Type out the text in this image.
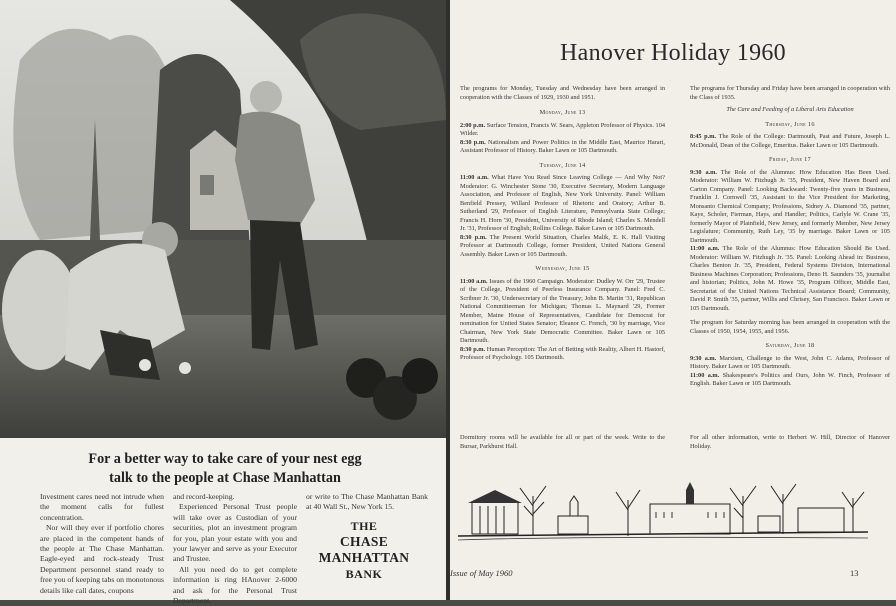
For a better way to take care of your nest egg
talk to the people at Chase Manhattan

Investment cares need not intrude when the moment calls for fullest concentration.

Nor will they ever if portfolio chores are placed in the competent hands of the people at The Chase Manhattan. Eagle-eyed and rock-steady Trust Department personnel stand ready to free you of keeping tabs on monotonous details like call dates, coupons

and record-keeping.

Experienced Personal Trust people will take over as Custodian of your securities, plot an investment program for you, plan your estate with you and your lawyer and serve as your Executor and Trustee.

All you need do to get complete information is ring HAnover 2-6000 and ask for the Personal Trust Department,

or write to The Chase Manhattan Bank at 40 Wall St., New York 15.

THE
CHASE MANHATTAN
BANK
Hanover Holiday 1960

The programs for Monday, Tuesday and Wednesday have been arranged in cooperation with the Classes of 1929, 1930 and 1951.

Monday, June 13

2:00 p.m. Surface Tension, Francis W. Sears, Appleton Professor of Physics. 104 Wilder.

8:30 p.m. Nationalism and Power Politics in the Middle East, Maurice Harari, Assistant Professor of History. Baker Lawn or 105 Dartmouth.

Tuesday, June 14

11:00 a.m. What Have You Read Since Leaving College — And Why Not? Moderator: G. Winchester Stone '30, Executive Secretary, Modern Language Association, and Professor of English, New York University. Panel: William Benfield Pressey, Willard Professor of Rhetoric and Oratory; Arthur B. Sutherland '29, Professor of English Literature, Pennsylvania State College; Francis H. Horn '30, President, University of Rhode Island; Charles S. Mendell Jr. '31, Professor of English; Rollins College. Baker Lawn or 105 Dartmouth.

8:30 p.m. The Present World Situation, Charles Malik, E. K. Hall Visiting Professor at Dartmouth College, former President, United Nations General Assembly. Baker Lawn or 105 Dartmouth.

Wednesday, June 15

11:00 a.m. Issues of the 1960 Campaign. Moderator: Dudley W. Orr '29, Trustee of the College, President of Peerless Insurance Company. Panel: Fred C. Scribner Jr. '30, Undersecretary of the Treasury; John B. Martin '31, Republican National Committeeman for Michigan; Thomas L. Maynard '29, Former Member, Maine House of Representatives, Candidate for Democrat for nomination for United States Senator; Eleanor C. French, '30 by marriage, Vice Chairman, New York State Democratic Committee. Baker Lawn or 105 Dartmouth.

8:30 p.m. Human Perception: The Art of Betting with Reality, Albert H. Hastorf, Professor of Psychology. 105 Dartmouth.

The programs for Thursday and Friday have been arranged in cooperation with the Class of 1935.

The Care and Feeding of a Liberal Arts Education

Thursday, June 16

8:45 p.m. The Role of the College: Dartmouth, Past and Future, Joseph L. McDonald, Dean of the College, Emeritus. Baker Lawn or 105 Dartmouth.

Friday, June 17

9:30 a.m. The Role of the Alumnus: How Education Has Been Used. Moderator: William W. Fitzhugh Jr. '35, President, New Haven Board and Carton Company. Panel: Looking Backward: Twenty-five years in Business, Franklin J. Cornwell '35, Assistant to the Vice President for Marketing, Monsanto Chemical Company; Professions, Sidney A. Diamond '35, partner, Kaye, Scholer, Fierman, Hays, and Handler; Politics, Carlyle W. Crane '35, formerly Mayor of Plainfield, New Jersey, and formerly Member, New Jersey Legislature; Community, Ruth Ley, '35 by marriage. Baker Lawn or 105 Dartmouth.

11:00 a.m. The Role of the Alumnus: How Education Should Be Used. Moderator: William W. Fitzhugh Jr. '35. Panel: Looking Ahead in: Business, Charles Benton Jr. '35, President, Federal Systems Division, International Business Machines Corporation; Professions, Deno H. Saunders '35, journalist and historian; Politics, John M. Howe '35, Program Officer, Middle East, Secretariat of the United Nations Technical Assistance Board; Community, David P. Smith '35, partner, Willis and Chrisey, San Francisco. Baker Lawn or 105 Dartmouth.

The program for Saturday morning has been arranged in cooperation with the Classes of 1950, 1954, 1955, and 1956.

Saturday, June 18

9:30 a.m. Marxism, Challenge to the West, John C. Adams, Professor of History. Baker Lawn or 105 Dartmouth.

11:00 a.m. Shakespeare's Politics and Ours, John W. Finch, Professor of English. Baker Lawn or 105 Dartmouth.

Dormitory rooms will be available for all or part of the week. Write to the Bursar, Parkhurst Hall.

For all other information, write to Herbert W. Hill, Director of Hanover Holiday.

Issue of May 1960	13
